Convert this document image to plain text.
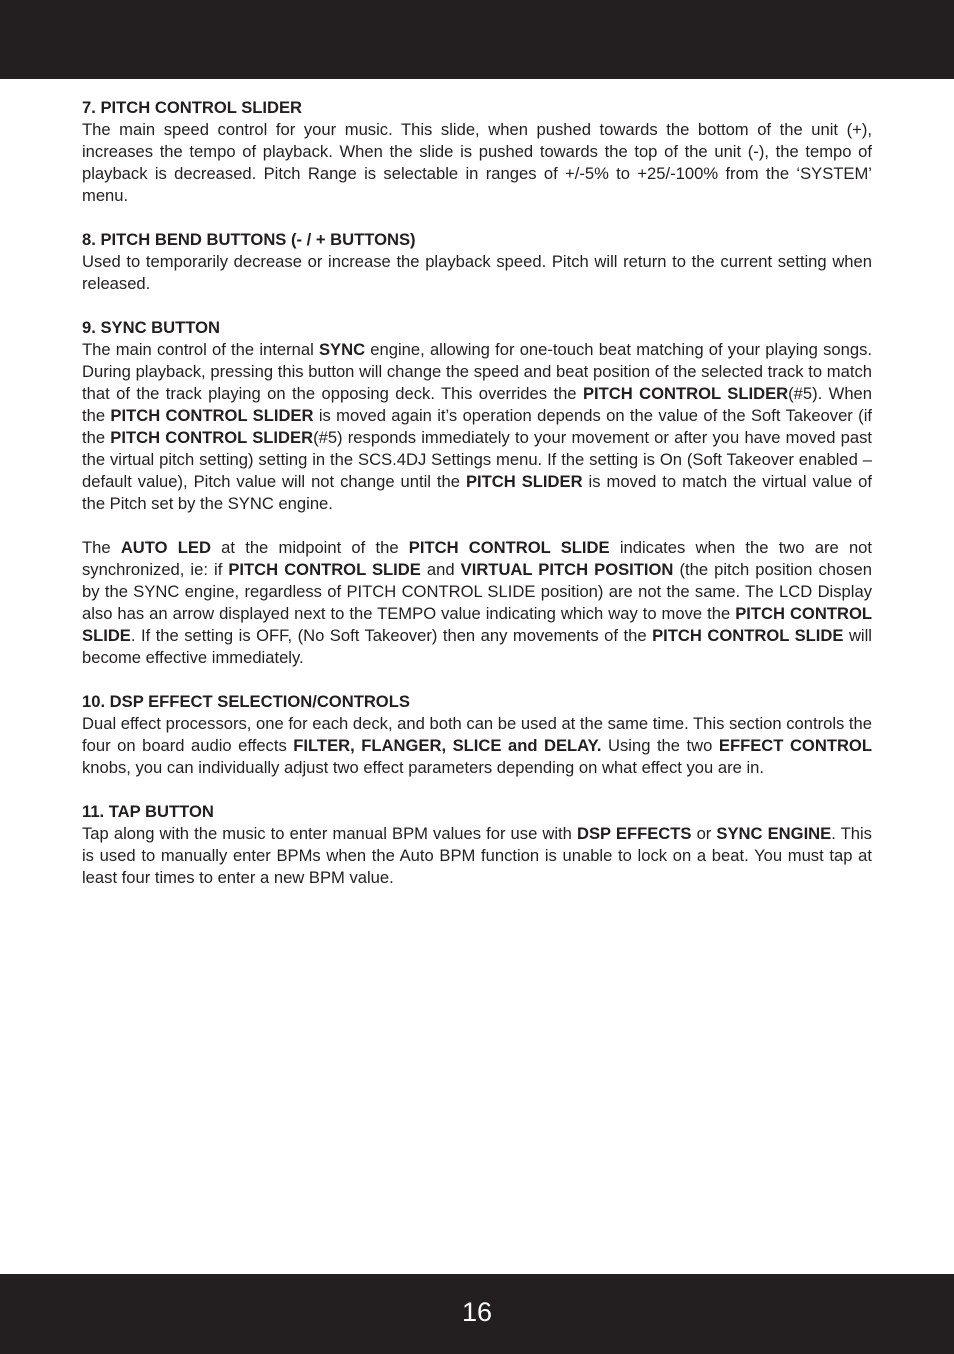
7. PITCH CONTROL SLIDER

The main speed control for your music. This slide, when pushed towards the bottom of the unit (+), increases the tempo of playback. When the slide is pushed towards the top of the unit (-), the tempo of playback is decreased. Pitch Range is selectable in ranges of +/-5% to +25/-100% from the ‘SYSTEM’ menu.

8. PITCH BEND BUTTONS (- / + BUTTONS)

Used to temporarily decrease or increase the playback speed. Pitch will return to the current setting when released.

9. SYNC BUTTON

The main control of the internal SYNC engine, allowing for one-touch beat matching of your playing songs. During playback, pressing this button will change the speed and beat position of the selected track to match that of the track playing on the opposing deck. This overrides the PITCH CONTROL SLIDER(#5). When the PITCH CONTROL SLIDER is moved again it’s operation depends on the value of the Soft Takeover (if the PITCH CONTROL SLIDER(#5) responds immediately to your movement or after you have moved past the virtual pitch setting) setting in the SCS.4DJ Settings menu. If the setting is On (Soft Takeover enabled – default value), Pitch value will not change until the PITCH SLIDER is moved to match the virtual value of the Pitch set by the SYNC engine.

The AUTO LED at the midpoint of the PITCH CONTROL SLIDE indicates when the two are not synchronized, ie: if PITCH CONTROL SLIDE and VIRTUAL PITCH POSITION (the pitch position chosen by the SYNC engine, regardless of PITCH CONTROL SLIDE position) are not the same. The LCD Display also has an arrow displayed next to the TEMPO value indicating which way to move the PITCH CONTROL SLIDE. If the setting is OFF, (No Soft Takeover) then any movements of the PITCH CONTROL SLIDE will become effective immediately.

10. DSP EFFECT SELECTION/CONTROLS

Dual effect processors, one for each deck, and both can be used at the same time. This section controls the four on board audio effects FILTER, FLANGER, SLICE and DELAY. Using the two EFFECT CONTROL knobs, you can individually adjust two effect parameters depending on what effect you are in.

11. TAP BUTTON

Tap along with the music to enter manual BPM values for use with DSP EFFECTS or SYNC ENGINE. This is used to manually enter BPMs when the Auto BPM function is unable to lock on a beat. You must tap at least four times to enter a new BPM value.

16
